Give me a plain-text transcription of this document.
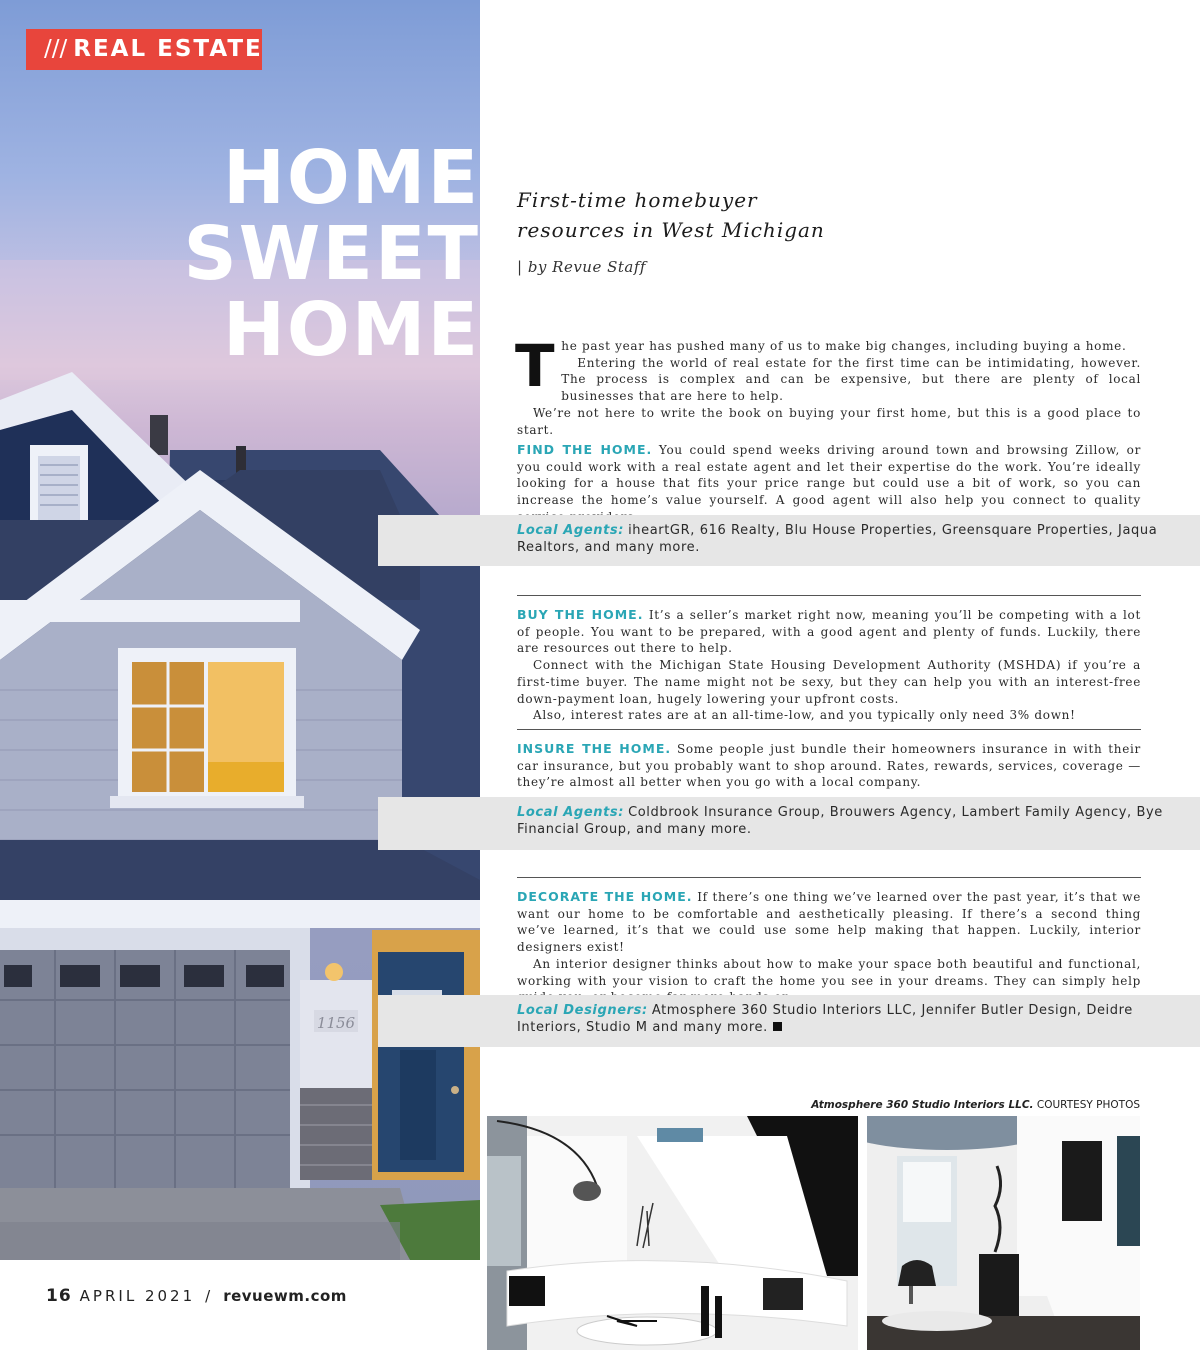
/// REAL ESTATE
HOME
SWEET
HOME
1156
First-time homebuyer
resources in West Michigan
| by Revue Staff
T he past year has pushed many of us to make big changes, including buying a home.

Entering the world of real estate for the first time can be intimidating, however. The process is complex and can be expensive, but there are plenty of local businesses that are here to help.

We’re not here to write the book on buying your first home, but this is a good place to start.

FIND THE HOME. You could spend weeks driving around town and browsing Zillow, or you could work with a real estate agent and let their expertise do the work. You’re ideally looking for a house that fits your price range but could use a bit of work, so you can increase the home’s value yourself. A good agent will also help you connect to quality

Local Agents: iheartGR, 616 Realty, Blu House Properties, Greensquare Properties, Jaqua Realtors, and many more.

BUY THE HOME. It’s a seller’s market right now, meaning you’ll be competing with a lot of people. You want to be prepared, with a good agent and plenty of funds. Luckily, there are resources out there to help.

Connect with the Michigan State Housing Development Authority (MSHDA) if you’re a first-time buyer. The name might not be sexy, but they can help you with an interest-free down-payment loan, hugely lowering your upfront costs.

Also, interest rates are at an all-time-low, and you typically only need 3% down!

INSURE THE HOME. Some people just bundle their homeowners insurance in with their car insurance, but you probably want to shop around. Rates, rewards, services, coverage — they’re almost all better when you go with a local company.

Local Agents: Coldbrook Insurance Group, Brouwers Agency, Lambert Family Agency, Bye Financial Group, and many more.

DECORATE THE HOME. If there’s one thing we’ve learned over the past year, it’s that we want our home to be comfortable and aesthetically pleasing. If there’s a second thing we’ve learned, it’s that we could use some help making that happen. Luckily, interior designers exist!

An interior designer thinks about how to make your space both beautiful and functional, working with your vision to craft the home you see in your dreams. They can simply help

Local Designers: Atmosphere 360 Studio Interiors LLC, Jennifer Butler Design, Deidre Interiors, Studio M and many more.
Atmosphere 360 Studio Interiors LLC. COURTESY PHOTOS
16 APRIL 2021 / revuewm.com
